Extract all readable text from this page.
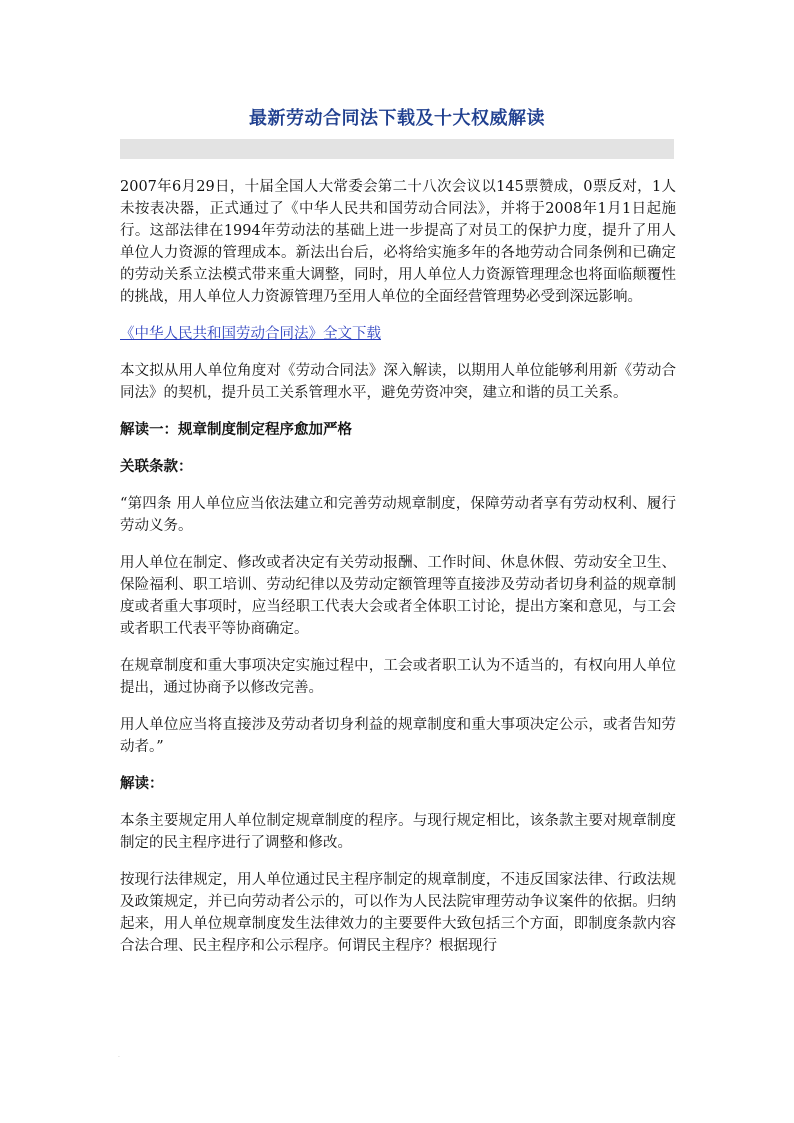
最新劳动合同法下载及十大权威解读

2007年6月29日，十届全国人大常委会第二十八次会议以145票赞成，0票反对，1人未按表决器，正式通过了《中华人民共和国劳动合同法》，并将于2008年1月1日起施行。这部法律在1994年劳动法的基础上进一步提高了对员工的保护力度，提升了用人单位人力资源的管理成本。新法出台后，必将给实施多年的各地劳动合同条例和已确定的劳动关系立法模式带来重大调整，同时，用人单位人力资源管理理念也将面临颠覆性的挑战，用人单位人力资源管理乃至用人单位的全面经营管理势必受到深远影响。

《中华人民共和国劳动合同法》全文下载

本文拟从用人单位角度对《劳动合同法》深入解读，以期用人单位能够利用新《劳动合同法》的契机，提升员工关系管理水平，避免劳资冲突，建立和谐的员工关系。

解读一：规章制度制定程序愈加严格

关联条款：

“第四条 用人单位应当依法建立和完善劳动规章制度，保障劳动者享有劳动权利、履行劳动义务。

用人单位在制定、修改或者决定有关劳动报酬、工作时间、休息休假、劳动安全卫生、保险福利、职工培训、劳动纪律以及劳动定额管理等直接涉及劳动者切身利益的规章制度或者重大事项时，应当经职工代表大会或者全体职工讨论，提出方案和意见，与工会或者职工代表平等协商确定。

在规章制度和重大事项决定实施过程中，工会或者职工认为不适当的，有权向用人单位提出，通过协商予以修改完善。

用人单位应当将直接涉及劳动者切身利益的规章制度和重大事项决定公示，或者告知劳动者。”

解读：

本条主要规定用人单位制定规章制度的程序。与现行规定相比，该条款主要对规章制度制定的民主程序进行了调整和修改。

按现行法律规定，用人单位通过民主程序制定的规章制度，不违反国家法律、行政法规及政策规定，并已向劳动者公示的，可以作为人民法院审理劳动争议案件的依据。归纳起来，用人单位规章制度发生法律效力的主要要件大致包括三个方面，即制度条款内容合法合理、民主程序和公示程序。何谓民主程序？根据现行

.
